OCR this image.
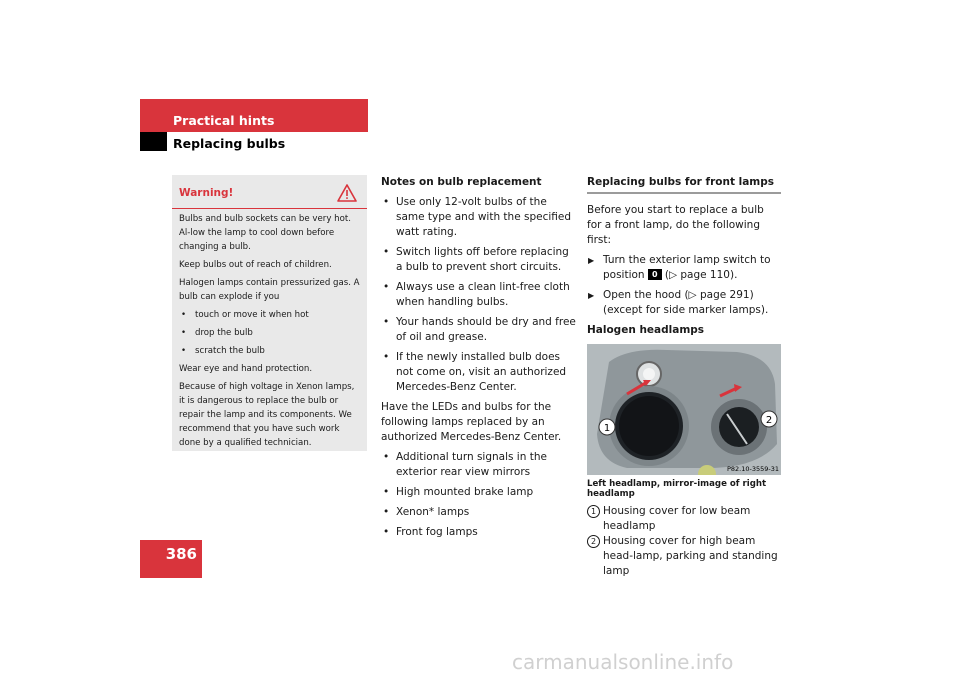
Practical hints
Replacing bulbs
386
Warning!

Bulbs and bulb sockets can be very hot. Al-low the lamp to cool down before changing a bulb.

Keep bulbs out of reach of children.

Halogen lamps contain pressurized gas. A bulb can explode if you

• touch or move it when hot
• drop the bulb
• scratch the bulb

Wear eye and hand protection.

Because of high voltage in Xenon lamps, it is dangerous to replace the bulb or repair the lamp and its components. We recommend that you have such work done by a qualified technician.

Notes on bulb replacement

• Use only 12-volt bulbs of the same type and with the specified watt rating.
• Switch lights off before replacing a bulb to prevent short circuits.
• Always use a clean lint-free cloth when handling bulbs.
• Your hands should be dry and free of oil and grease.
• If the newly installed bulb does not come on, visit an authorized Mercedes-Benz Center.

Have the LEDs and bulbs for the following lamps replaced by an authorized Mercedes-Benz Center.

• Additional turn signals in the exterior rear view mirrors
• High mounted brake lamp
• Xenon* lamps
• Front fog lamps
Replacing bulbs for front lamps

Before you start to replace a bulb for a front lamp, do the following first:

▶ Turn the exterior lamp switch to position 0 (▷ page 110).
▶ Open the hood (▷ page 291) (except for side marker lamps).

Halogen headlamps

1
2
P82.10-3559-31

Left headlamp, mirror-image of right headlamp

1 Housing cover for low beam headlamp
2 Housing cover for high beam head-lamp, parking and standing lamp
carmanualsonline.info
